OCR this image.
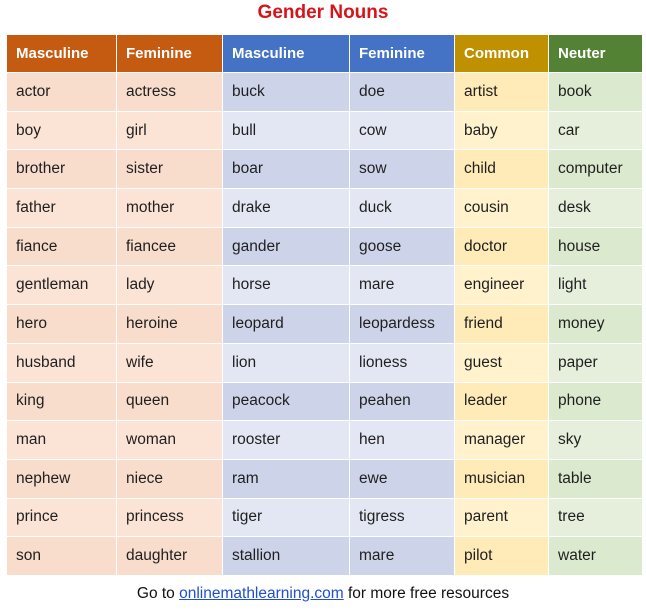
Gender Nouns
Masculine	Feminine	Masculine	Feminine	Common	Neuter
actor	actress	buck	doe	artist	book
boy	girl	bull	cow	baby	car
brother	sister	boar	sow	child	computer
father	mother	drake	duck	cousin	desk
fiance	fiancee	gander	goose	doctor	house
gentleman	lady	horse	mare	engineer	light
hero	heroine	leopard	leopardess	friend	money
husband	wife	lion	lioness	guest	paper
king	queen	peacock	peahen	leader	phone
man	woman	rooster	hen	manager	sky
nephew	niece	ram	ewe	musician	table
prince	princess	tiger	tigress	parent	tree
son	daughter	stallion	mare	pilot	water
Go to onlinemathlearning.com for more free resources
